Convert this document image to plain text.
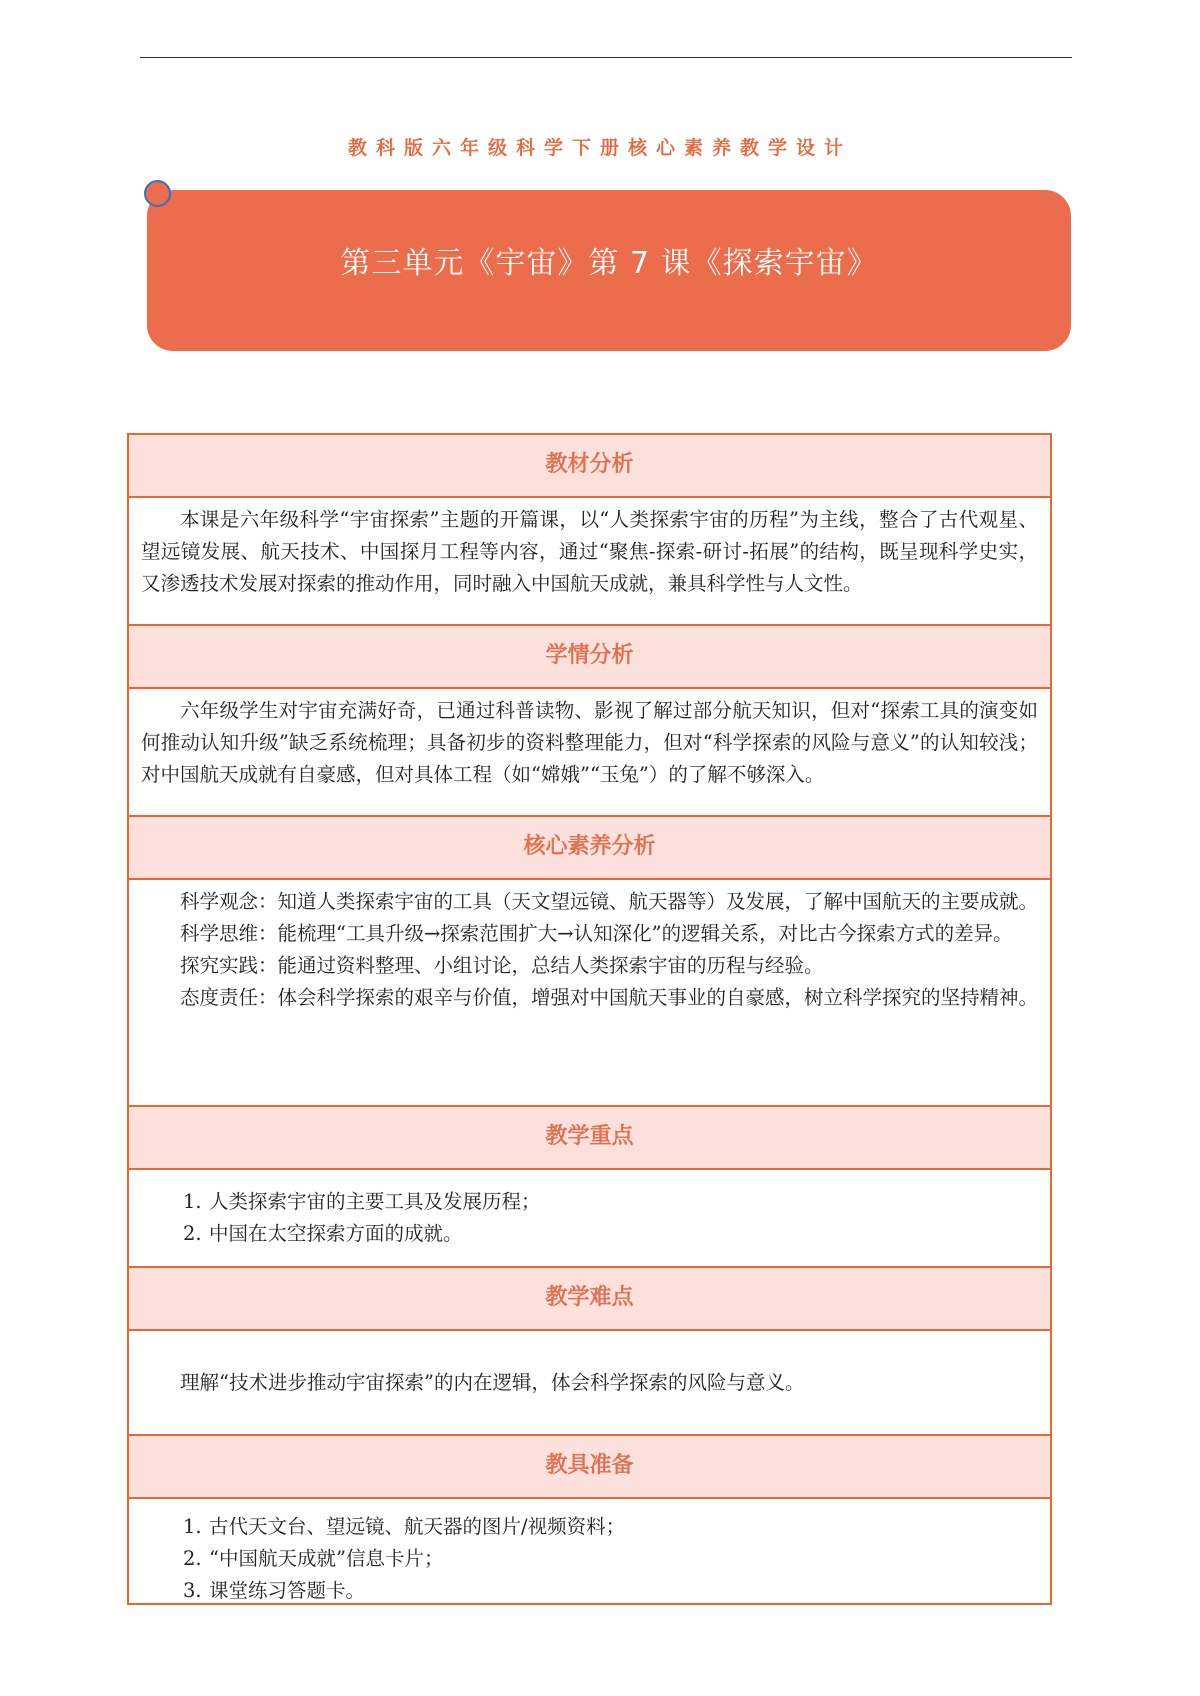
教科版六年级科学下册核心素养教学设计
第三单元《宇宙》第 7 课《探索宇宙》
教材分析

本课是六年级科学“宇宙探索”主题的开篇课，以“人类探索宇宙的历程”为主线，整合了古代观星、望远镜发展、航天技术、中国探月工程等内容，通过“聚焦-探索-研讨-拓展”的结构，既呈现科学史实，又渗透技术发展对探索的推动作用，同时融入中国航天成就，兼具科学性与人文性。

学情分析

六年级学生对宇宙充满好奇，已通过科普读物、影视了解过部分航天知识，但对“探索工具的演变如何推动认知升级”缺乏系统梳理；具备初步的资料整理能力，但对“科学探索的风险与意义”的认知较浅；对中国航天成就有自豪感，但对具体工程（如“嫦娥”“玉兔”）的了解不够深入。

核心素养分析

科学观念：知道人类探索宇宙的工具（天文望远镜、航天器等）及发展，了解中国航天的主要成就。

科学思维：能梳理“工具升级→探索范围扩大→认知深化”的逻辑关系，对比古今探索方式的差异。

探究实践：能通过资料整理、小组讨论，总结人类探索宇宙的历程与经验。

态度责任：体会科学探索的艰辛与价值，增强对中国航天事业的自豪感，树立科学探究的坚持精神。

教学重点

1. 人类探索宇宙的主要工具及发展历程；

2. 中国在太空探索方面的成就。

教学难点

理解“技术进步推动宇宙探索”的内在逻辑，体会科学探索的风险与意义。

教具准备

1. 古代天文台、望远镜、航天器的图片/视频资料；

2. “中国航天成就”信息卡片；

3. 课堂练习答题卡。
